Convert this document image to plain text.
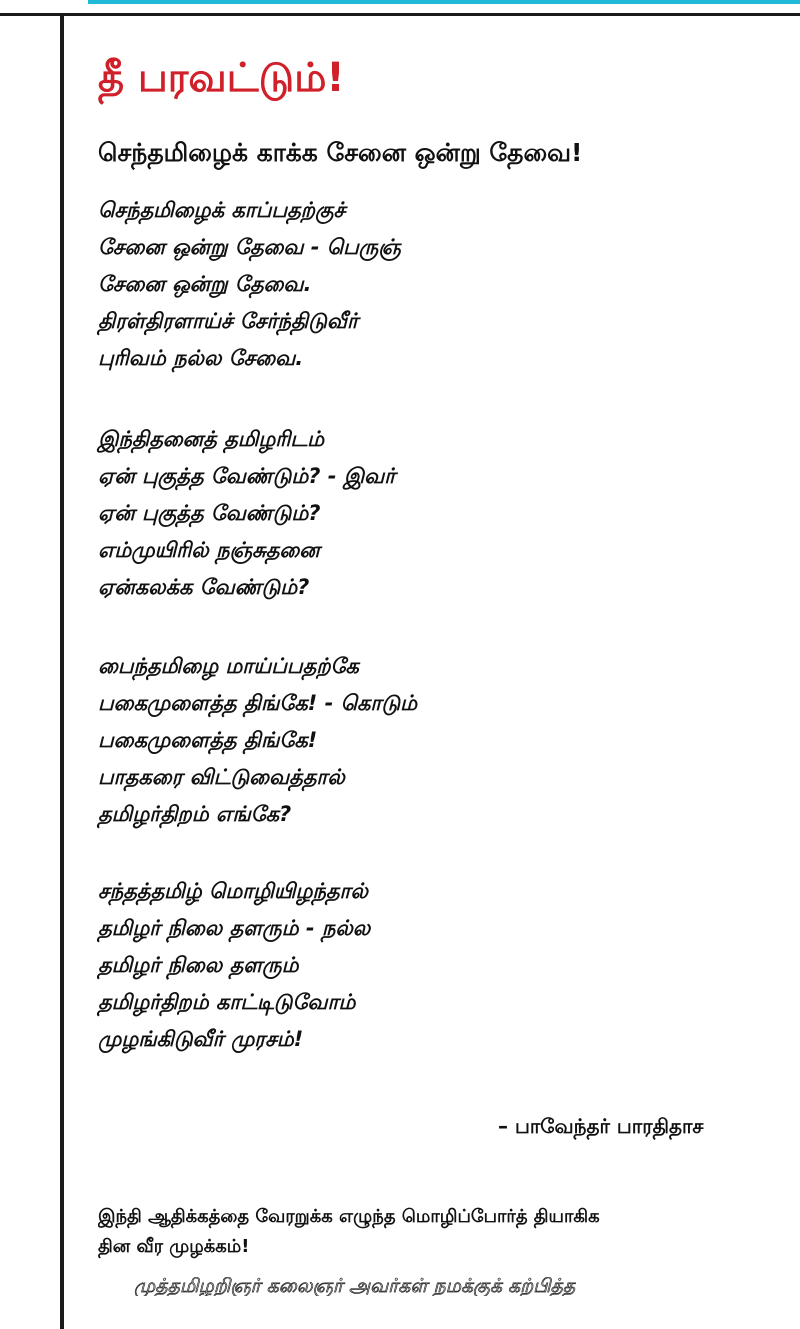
தீ பரவட்டும்!
செந்தமிழைக் காக்க சேனை ஒன்று தேவை!
செந்தமிழைக் காப்பதற்குச்
சேனை ஒன்று தேவை - பெருஞ்
சேனை ஒன்று தேவை.
திரள்திரளாய்ச் சேர்ந்திடுவீர்
புரிவம் நல்ல சேவை.
இந்திதனைத் தமிழரிடம்
ஏன் புகுத்த வேண்டும்? - இவர்
ஏன் புகுத்த வேண்டும்?
எம்முயிரில் நஞ்சுதனை
ஏன்கலக்க வேண்டும்?
பைந்தமிழை மாய்ப்பதற்கே
பகைமுளைத்த திங்கே! - கொடும்
பகைமுளைத்த திங்கே!
பாதகரை விட்டுவைத்தால்
தமிழர்திறம் எங்கே?
சந்தத்தமிழ் மொழியிழந்தால்
தமிழர் நிலை தளரும் - நல்ல
தமிழர் நிலை தளரும்
தமிழர்திறம் காட்டிடுவோம்
முழங்கிடுவீர் முரசம்!
– பாவேந்தர் பாரதிதாச
இந்தி ஆதிக்கத்தை வேரறுக்க எழுந்த மொழிப்போர்த் தியாகிக
தின வீர முழக்கம்!
முத்தமிழறிஞர் கலைஞர் அவர்கள் நமக்குக் கற்பித்த
